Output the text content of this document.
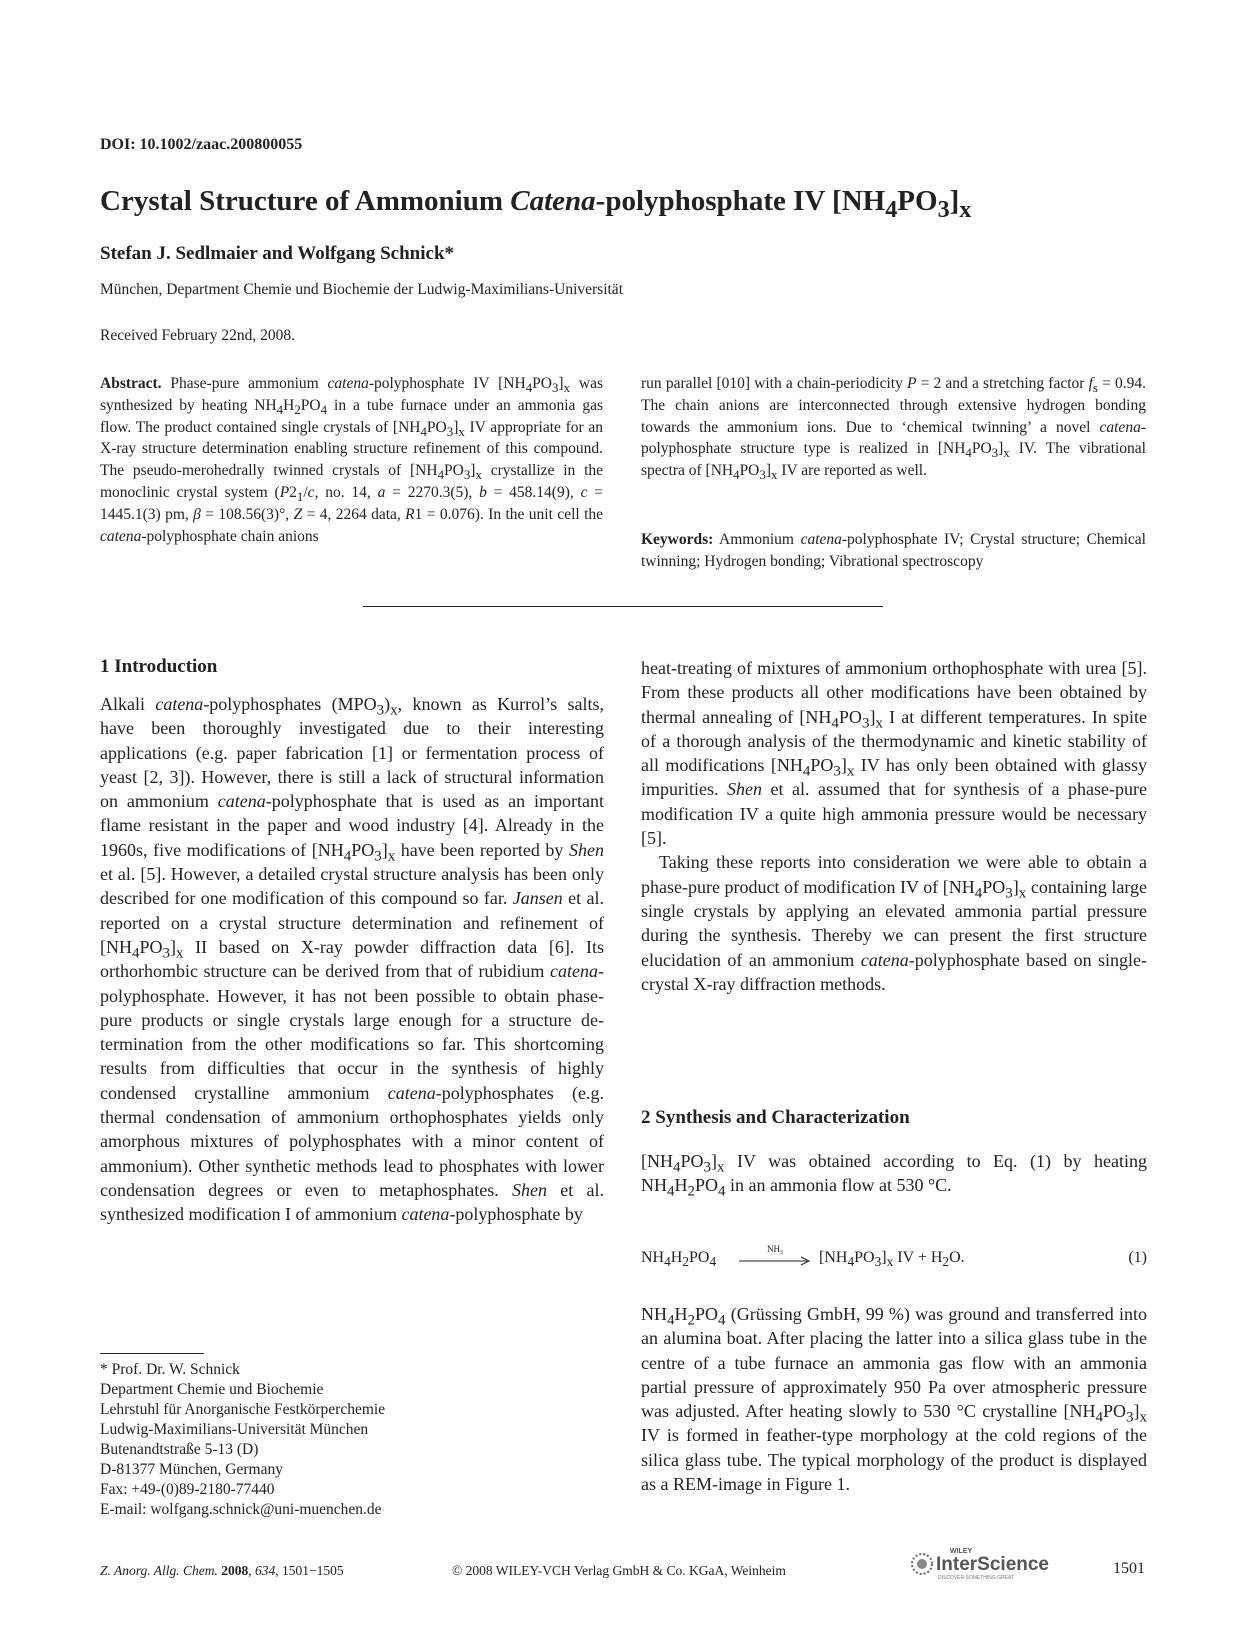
DOI: 10.1002/zaac.200800055
Crystal Structure of Ammonium Catena-polyphosphate IV $[NH_4PO_3]_x$
Stefan J. Sedlmaier and Wolfgang Schnick*
München, Department Chemie und Biochemie der Ludwig-Maximilians-Universität
Received February 22nd, 2008.
Abstract. Phase-pure ammonium catena-polyphosphate IV $[NH_4PO_3]_x$ was synthesized by heating $NH_4H_2PO_4$ in a tube furnace under an ammonia gas flow. The product contained single crystals of $[NH_4PO_3]_x$ IV appropriate for an X-ray structure determination enabling structure refinement of this compound. The pseudo-merohedrally twinned crystals of $[NH_4PO_3]_x$ crystallize in the monoclinic crystal system ($P2_1/c$, no. 14, a = 2270.3(5), b = 458.14(9), c = 1445.1(3) pm, β = 108.56(3)°, Z = 4, 2264 data, R1 = 0.076). In the unit cell the catena-polyphosphate chain anions
run parallel [010] with a chain-periodicity P = 2 and a stretching factor $f_s = 0.94$. The chain anions are interconnected through extensive hydrogen bonding towards the ammonium ions. Due to ‘chemical twinning’ a novel catena-polyphosphate structure type is realized in $[NH_4PO_3]_x$ IV. The vibrational spectra of $[NH_4PO_3]_x$ IV are reported as well.
Keywords: Ammonium catena-polyphosphate IV; Crystal structure; Chemical twinning; Hydrogen bonding; Vibrational spectroscopy
1 Introduction

Alkali catena-polyphosphates $(MPO_3)_x$, known as Kurrol’s salts, have been thoroughly investigated due to their interesting applications (e.g. paper fabrication [1] or fermentation process of yeast [2, 3]). However, there is still a lack of structural information on ammonium catena-polyphosphate that is used as an important flame resistant in the paper and wood industry [4]. Already in the 1960s, five modifications of $[NH_4PO_3]_x$ have been reported by Shen et al. [5]. However, a detailed crystal structure analysis has been only described for one modification of this compound so far. Jansen et al. reported on a crystal structure determination and refinement of $[NH_4PO_3]_x$ II based on X-ray powder diffraction data [6]. Its orthorhombic structure can be derived from that of rubidium catena-polyphosphate. However, it has not been possible to obtain phase-pure products or single crystals large enough for a structure determination from the other modifications so far. This shortcoming results from difficulties that occur in the synthesis of highly condensed crystalline ammonium catena-polyphosphates (e.g. thermal condensation of ammonium orthophosphates yields only amorphous mixtures of polyphosphates with a minor content of ammonium). Other synthetic methods lead to phosphates with lower condensation degrees or even to metaphosphates. Shen et al. synthesized modification I of ammonium catena-polyphosphate by

heat-treating of mixtures of ammonium orthophosphate with urea [5]. From these products all other modifications have been obtained by thermal annealing of $[NH_4PO_3]_x$ I at different temperatures. In spite of a thorough analysis of the thermodynamic and kinetic stability of all modifications $[NH_4PO_3]_x$ IV has only been obtained with glassy impurities. Shen et al. assumed that for synthesis of a phase-pure modification IV a quite high ammonia pressure would be necessary [5].

Taking these reports into consideration we were able to obtain a phase-pure product of modification IV of $[NH_4PO_3]_x$ containing large single crystals by applying an elevated ammonia partial pressure during the synthesis. Thereby we can present the first structure elucidation of an ammonium catena-polyphosphate based on single-crystal X-ray diffraction methods.

2 Synthesis and Characterization

$[NH_4PO_3]_x$ IV was obtained according to Eq. (1) by heating $NH_4H_2PO_4$ in an ammonia flow at 530 °C.

$NH_4H_2PO_4$
$NH_3$ $[NH_4PO_3]_x$ IV + $H_2O$.	(1)

$NH_4H_2PO_4$ (Grüssing GmbH, 99 %) was ground and transferred into an alumina boat. After placing the latter into a silica glass tube in the centre of a tube furnace an ammonia gas flow with an ammonia partial pressure of approximately 950 Pa over atmospheric pressure was adjusted. After heating slowly to 530 °C crystalline $[NH_4PO_3]_x$ IV is formed in feather-type morphology at the cold regions of the silica glass tube. The typical morphology of the product is displayed as a REM-image in Figure 1.

* Prof. Dr. W. Schnick
Department Chemie und Biochemie
Lehrstuhl für Anorganische Festkörperchemie
Ludwig-Maximilians-Universität München
Butenandtstraße 5-13 (D)
D-81377 München, Germany
Fax: +49-(0)89-2180-77440
E-mail: wolfgang.schnick@uni-muenchen.de
Z. Anorg. Allg. Chem. 2008, 634, 1501−1505	© 2008 WILEY-VCH Verlag GmbH & Co. KGaA, Weinheim
WILEY
InterScience
DISCOVER SOMETHING GREAT
1501
